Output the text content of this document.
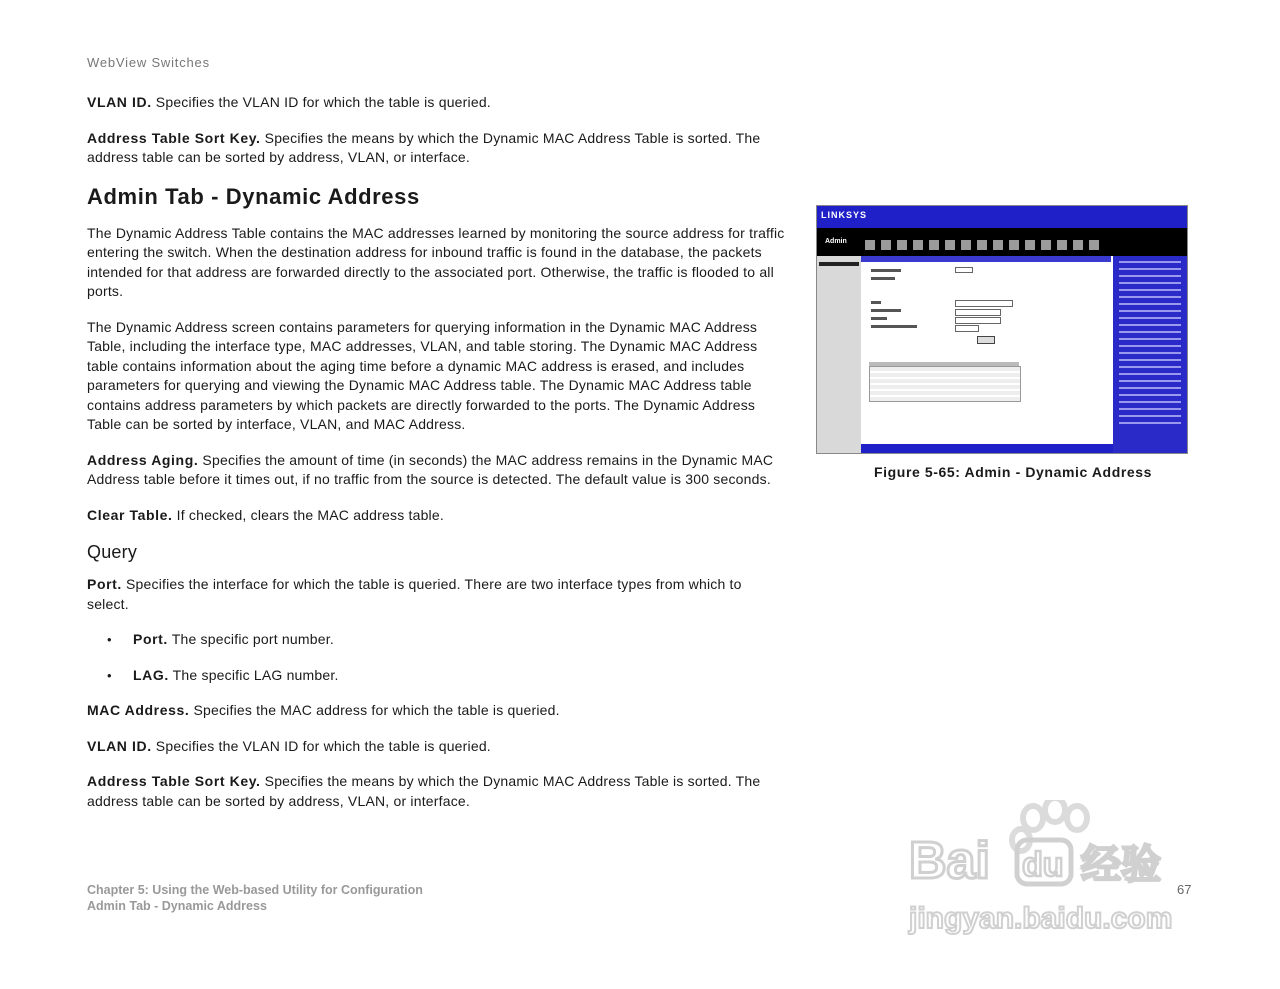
WebView Switches

VLAN ID. Specifies the VLAN ID for which the table is queried.

Address Table Sort Key. Specifies the means by which the Dynamic MAC Address Table is sorted. The address table can be sorted by address, VLAN, or interface.

Admin Tab - Dynamic Address

The Dynamic Address Table contains the MAC addresses learned by monitoring the source address for traffic entering the switch. When the destination address for inbound traffic is found in the database, the packets intended for that address are forwarded directly to the associated port. Otherwise, the traffic is flooded to all ports.

The Dynamic Address screen contains parameters for querying information in the Dynamic MAC Address Table, including the interface type, MAC addresses, VLAN, and table storing. The Dynamic MAC Address table contains information about the aging time before a dynamic MAC address is erased, and includes parameters for querying and viewing the Dynamic MAC Address table. The Dynamic MAC Address table contains address parameters by which packets are directly forwarded to the ports. The Dynamic Address Table can be sorted by interface, VLAN, and MAC Address.

Address Aging. Specifies the amount of time (in seconds) the MAC address remains in the Dynamic MAC Address table before it times out, if no traffic from the source is detected. The default value is 300 seconds.

Clear Table. If checked, clears the MAC address table.

Query

Port. Specifies the interface for which the table is queried. There are two interface types from which to select.

• Port. The specific port number.
• LAG. The specific LAG number.

MAC Address. Specifies the MAC address for which the table is queried.

VLAN ID. Specifies the VLAN ID for which the table is queried.

Address Table Sort Key. Specifies the means by which the Dynamic MAC Address Table is sorted. The address table can be sorted by address, VLAN, or interface.

LINKSYS
Admin
Figure 5-65: Admin - Dynamic Address
Chapter 5: Using the Web-based Utility for Configuration
Admin Tab - Dynamic Address
67
Bai du 经验
jingyan.baidu.com
